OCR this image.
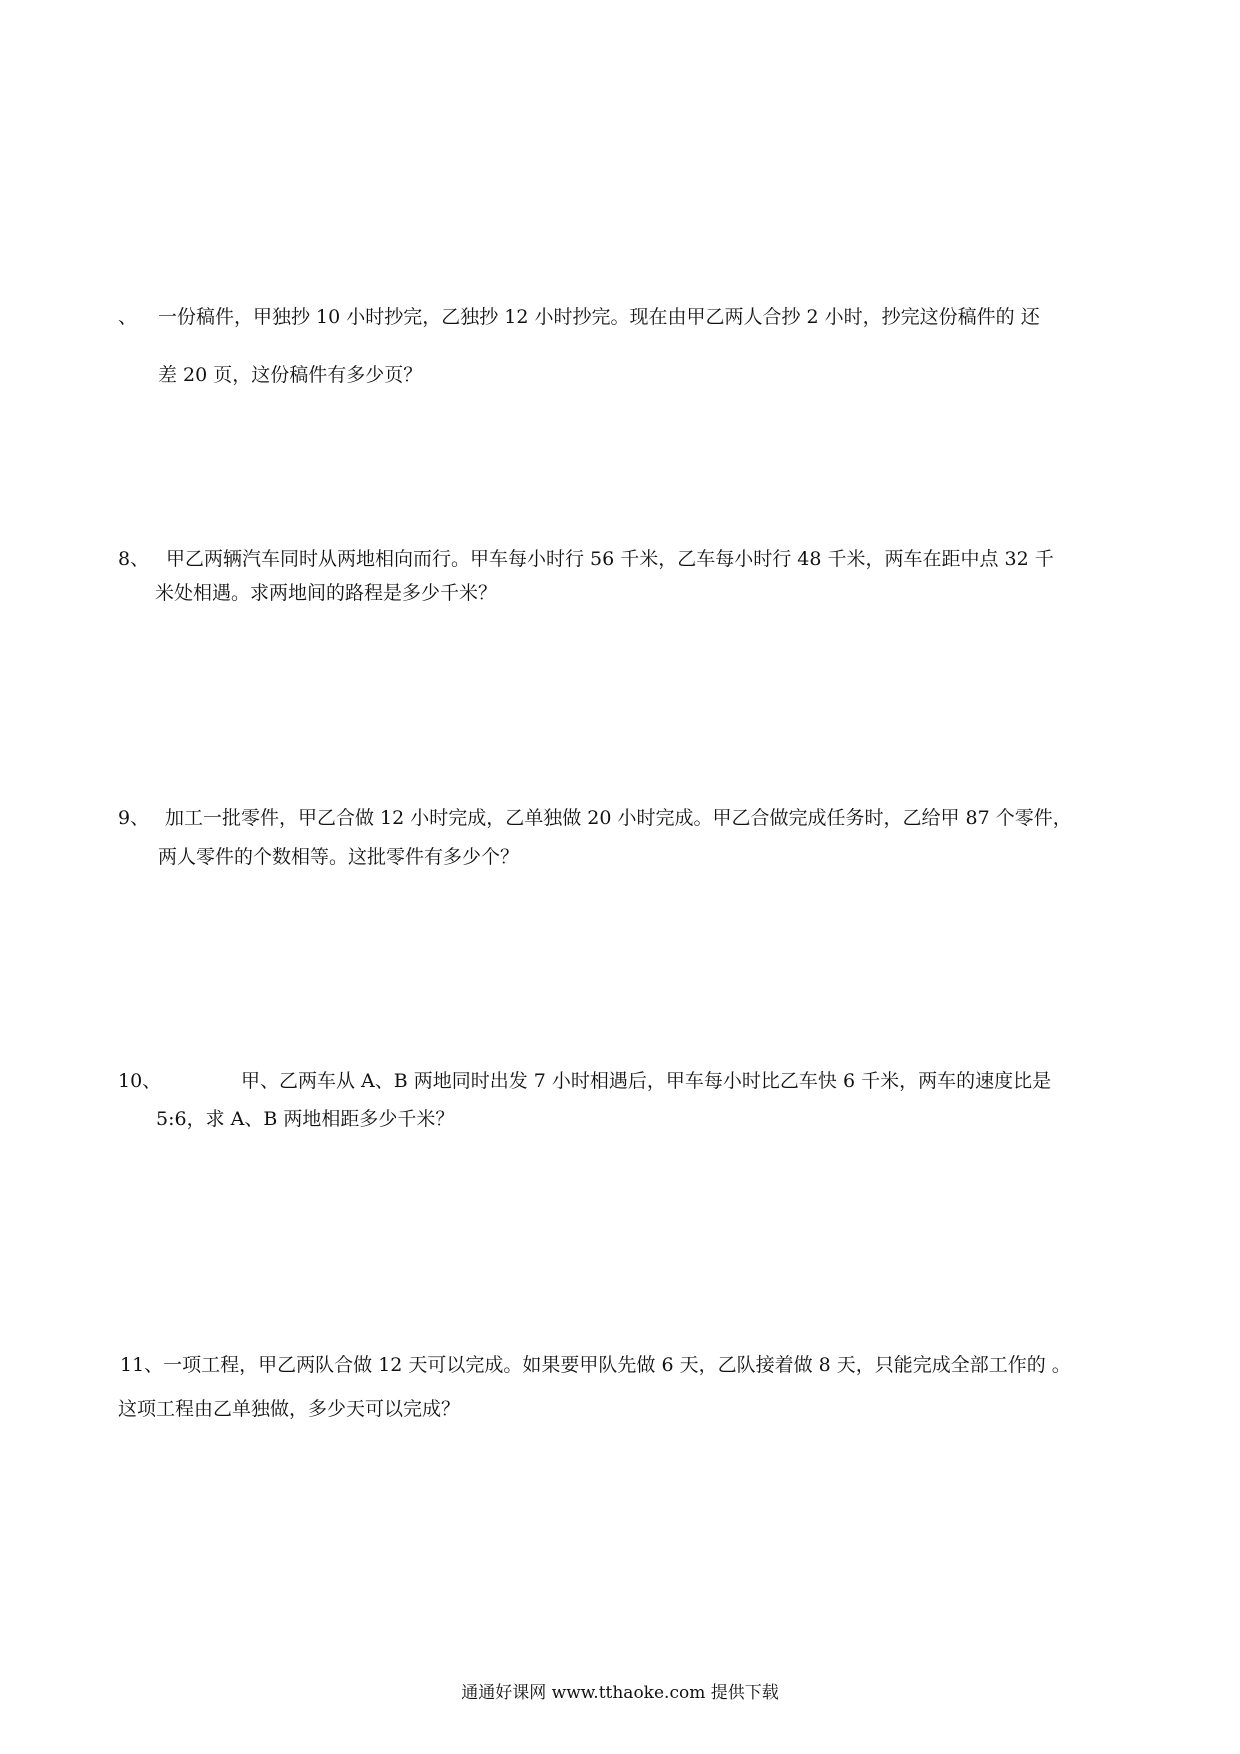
、 一份稿件，甲独抄 10 小时抄完，乙独抄 12 小时抄完。现在由甲乙两人合抄 2 小时，抄完这份稿件的 还
差 20 页，这份稿件有多少页？
8、 甲乙两辆汽车同时从两地相向而行。甲车每小时行 56 千米，乙车每小时行 48 千米，两车在距中点 32 千
米处相遇。求两地间的路程是多少千米？
9、 加工一批零件，甲乙合做 12 小时完成，乙单独做 20 小时完成。甲乙合做完成任务时，乙给甲 87 个零件，
两人零件的个数相等。这批零件有多少个？
10、	甲、乙两车从 A、B 两地同时出发 7 小时相遇后，甲车每小时比乙车快 6 千米，两车的速度比是
5:6，求 A、B 两地相距多少千米？
11、一项工程，甲乙两队合做 12 天可以完成。如果要甲队先做 6 天，乙队接着做 8 天，只能完成全部工作的 。
这项工程由乙单独做，多少天可以完成？
通通好课网 www.tthaoke.com 提供下载
